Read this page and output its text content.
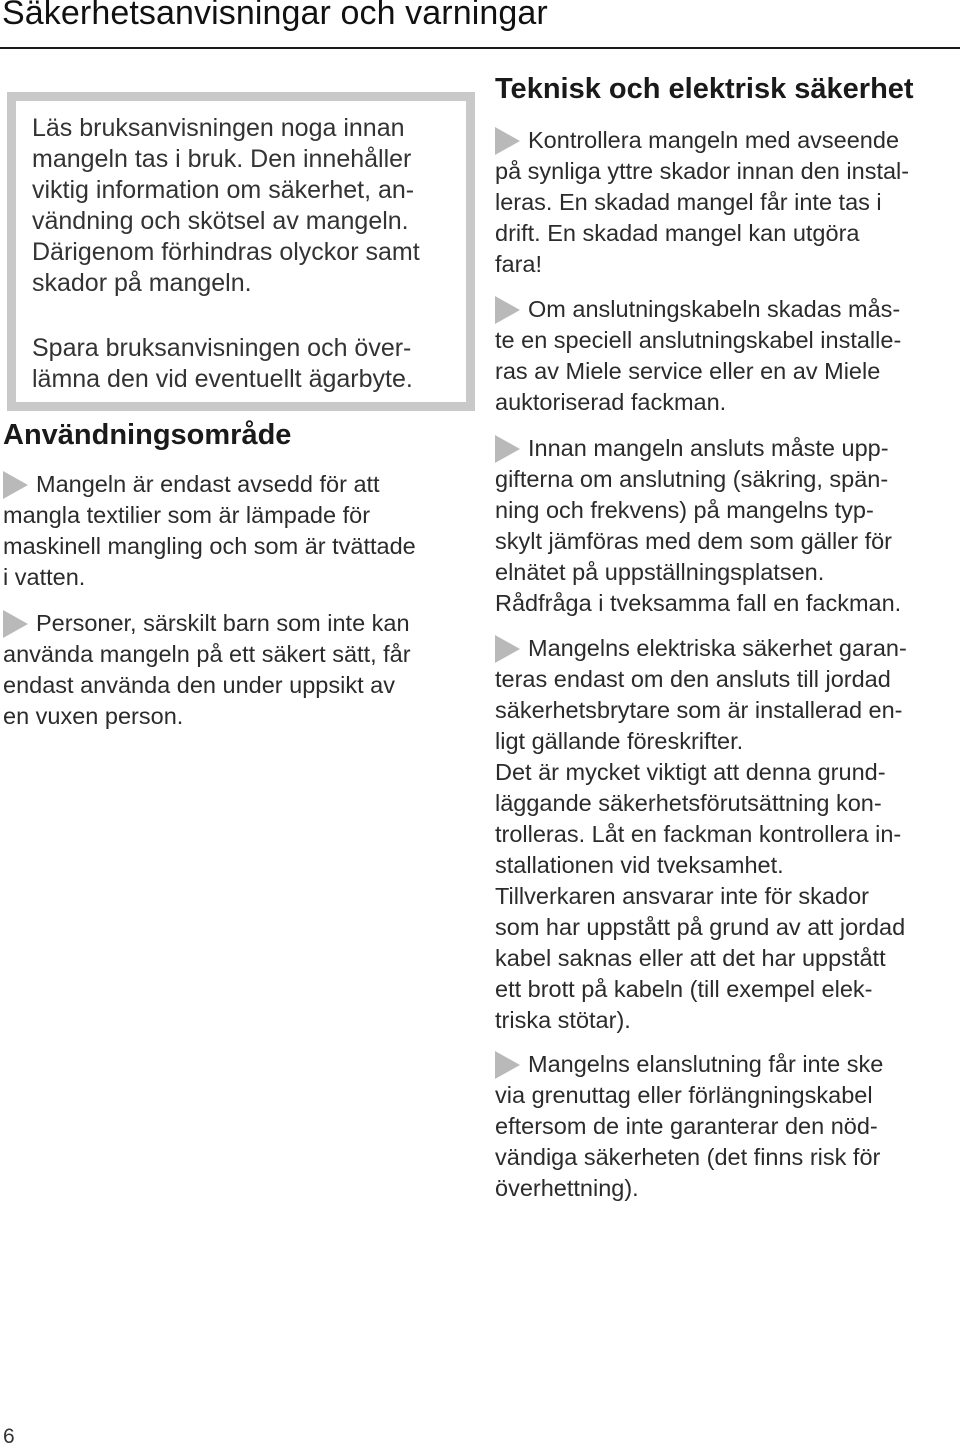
Säkerhetsanvisningar och varningar

Läs bruksanvisningen noga innan
mangeln tas i bruk. Den innehåller
viktig information om säkerhet, an-
vändning och skötsel av mangeln.
Därigenom förhindras olyckor samt
skador på mangeln.

Spara bruksanvisningen och över-
lämna den vid eventuellt ägarbyte.

Användningsområde

Mangeln är endast avsedd för att
mangla textilier som är lämpade för
maskinell mangling och som är tvättade
i vatten.

Personer, särskilt barn som inte kan
använda mangeln på ett säkert sätt, får
endast använda den under uppsikt av
en vuxen person.

Teknisk och elektrisk säkerhet

Kontrollera mangeln med avseende
på synliga yttre skador innan den instal-
leras. En skadad mangel får inte tas i
drift. En skadad mangel kan utgöra
fara!

Om anslutningskabeln skadas mås-
te en speciell anslutningskabel installe-
ras av Miele service eller en av Miele
auktoriserad fackman.

Innan mangeln ansluts måste upp-
gifterna om anslutning (säkring, spän-
ning och frekvens) på mangelns typ-
skylt jämföras med dem som gäller för
elnätet på uppställningsplatsen.
Rådfråga i tveksamma fall en fackman.

Mangelns elektriska säkerhet garan-
teras endast om den ansluts till jordad
säkerhetsbrytare som är installerad en-
ligt gällande föreskrifter.
Det är mycket viktigt att denna grund-
läggande säkerhetsförutsättning kon-
trolleras. Låt en fackman kontrollera in-
stallationen vid tveksamhet.
Tillverkaren ansvarar inte för skador
som har uppstått på grund av att jordad
kabel saknas eller att det har uppstått
ett brott på kabeln (till exempel elek-
triska stötar).

Mangelns elanslutning får inte ske
via grenuttag eller förlängningskabel
eftersom de inte garanterar den nöd-
vändiga säkerheten (det finns risk för
överhettning).

6
